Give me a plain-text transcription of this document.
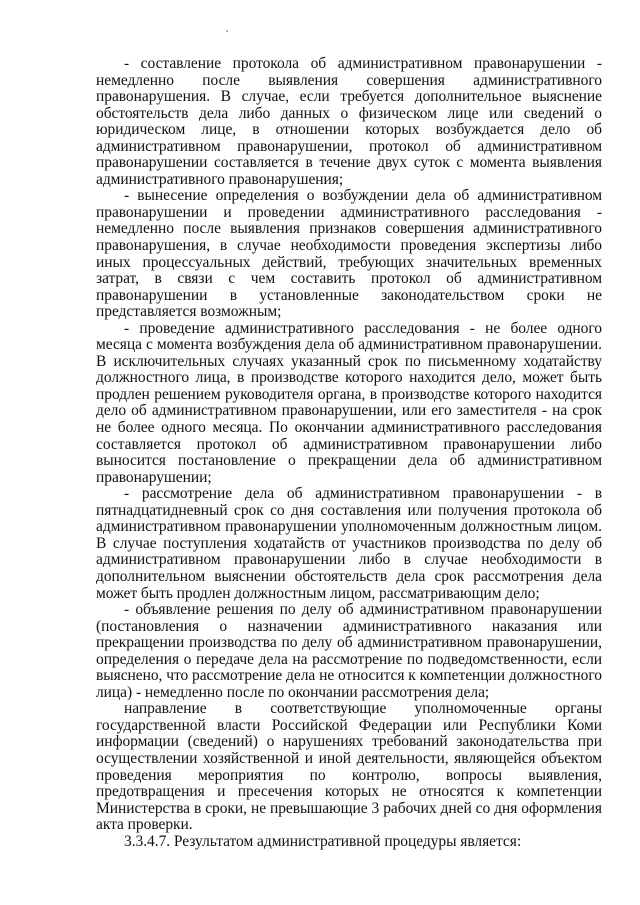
- составление протокола об административном правонарушении - немедленно после выявления совершения административного правонарушения. В случае, если требуется дополнительное выяснение обстоятельств дела либо данных о физическом лице или сведений о юридическом лице, в отношении которых возбуждается дело об административном правонарушении, протокол об административном правонарушении составляется в течение двух суток с момента выявления административного правонарушения;

- вынесение определения о возбуждении дела об административном правонарушении и проведении административного расследования - немедленно после выявления признаков совершения административного правонарушения, в случае необходимости проведения экспертизы либо иных процессуальных действий, требующих значительных временных затрат, в связи с чем составить протокол об административном правонарушении в установленные законодательством сроки не представляется возможным;

- проведение административного расследования - не более одного месяца с момента возбуждения дела об административном правонарушении. В исключительных случаях указанный срок по письменному ходатайству должностного лица, в производстве которого находится дело, может быть продлен решением руководителя органа, в производстве которого находится дело об административном правонарушении, или его заместителя - на срок не более одного месяца. По окончании административного расследования составляется протокол об административном правонарушении либо выносится постановление о прекращении дела об административном правонарушении;

- рассмотрение дела об административном правонарушении - в пятнадцатидневный срок со дня составления или получения протокола об административном правонарушении уполномоченным должностным лицом. В случае поступления ходатайств от участников производства по делу об административном правонарушении либо в случае необходимости в дополнительном выяснении обстоятельств дела срок рассмотрения дела может быть продлен должностным лицом, рассматривающим дело;

- объявление решения по делу об административном правонарушении (постановления о назначении административного наказания или прекращении производства по делу об административном правонарушении, определения о передаче дела на рассмотрение по подведомственности, если выяснено, что рассмотрение дела не относится к компетенции должностного лица) - немедленно после по окончании рассмотрения дела;

направление в соответствующие уполномоченные органы государственной власти Российской Федерации или Республики Коми информации (сведений) о нарушениях требований законодательства при осуществлении хозяйственной и иной деятельности, являющейся объектом проведения мероприятия по контролю, вопросы выявления, предотвращения и пресечения которых не относятся к компетенции Министерства в сроки, не превышающие 3 рабочих дней со дня оформления акта проверки.

3.3.4.7. Результатом административной процедуры является:
